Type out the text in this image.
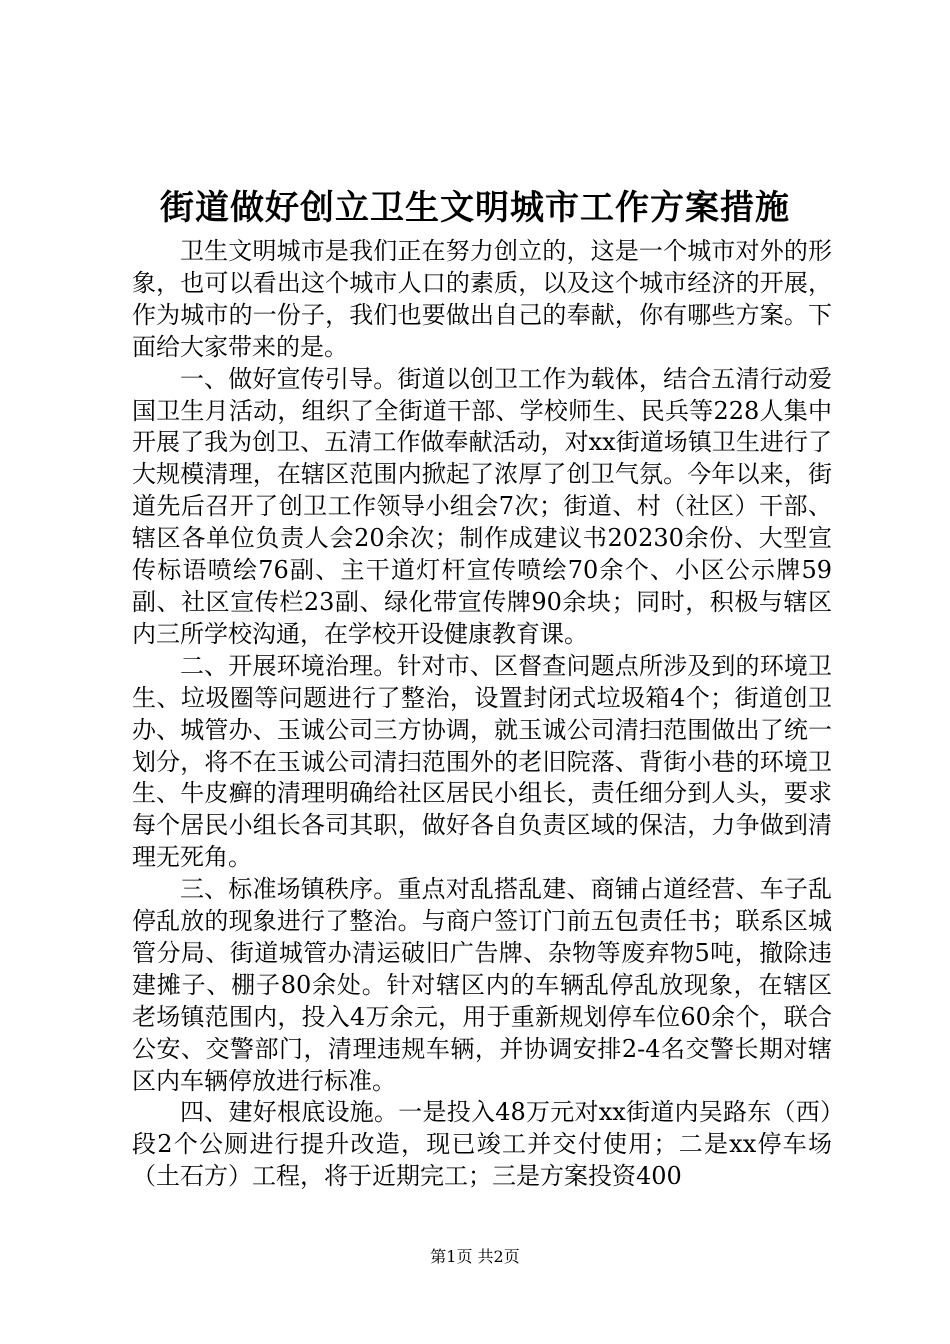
街道做好创立卫生文明城市工作方案措施

卫生文明城市是我们正在努力创立的，这是一个城市对外的形象，也可以看出这个城市人口的素质，以及这个城市经济的开展，作为城市的一份子，我们也要做出自己的奉献，你有哪些方案。下面给大家带来的是。

一、做好宣传引导。街道以创卫工作为载体，结合五清行动爱国卫生月活动，组织了全街道干部、学校师生、民兵等228人集中开展了我为创卫、五清工作做奉献活动，对xx街道场镇卫生进行了大规模清理，在辖区范围内掀起了浓厚了创卫气氛。今年以来，街道先后召开了创卫工作领导小组会7次；街道、村（社区）干部、辖区各单位负责人会20余次；制作成建议书20230余份、大型宣传标语喷绘76副、主干道灯杆宣传喷绘70余个、小区公示牌59副、社区宣传栏23副、绿化带宣传牌90余块；同时，积极与辖区内三所学校沟通，在学校开设健康教育课。

二、开展环境治理。针对市、区督查问题点所涉及到的环境卫生、垃圾圈等问题进行了整治，设置封闭式垃圾箱4个；街道创卫办、城管办、玉诚公司三方协调，就玉诚公司清扫范围做出了统一划分，将不在玉诚公司清扫范围外的老旧院落、背街小巷的环境卫生、牛皮癣的清理明确给社区居民小组长，责任细分到人头，要求每个居民小组长各司其职，做好各自负责区域的保洁，力争做到清理无死角。

三、标准场镇秩序。重点对乱搭乱建、商铺占道经营、车子乱停乱放的现象进行了整治。与商户签订门前五包责任书；联系区城管分局、街道城管办清运破旧广告牌、杂物等废弃物5吨，撤除违建摊子、棚子80余处。针对辖区内的车辆乱停乱放现象，在辖区老场镇范围内，投入4万余元，用于重新规划停车位60余个，联合公安、交警部门，清理违规车辆，并协调安排2-4名交警长期对辖区内车辆停放进行标准。

四、建好根底设施。一是投入48万元对xx街道内吴路东（西）段2个公厕进行提升改造，现已竣工并交付使用；二是xx停车场（土石方）工程，将于近期完工；三是方案投资400

第1页 共2页
